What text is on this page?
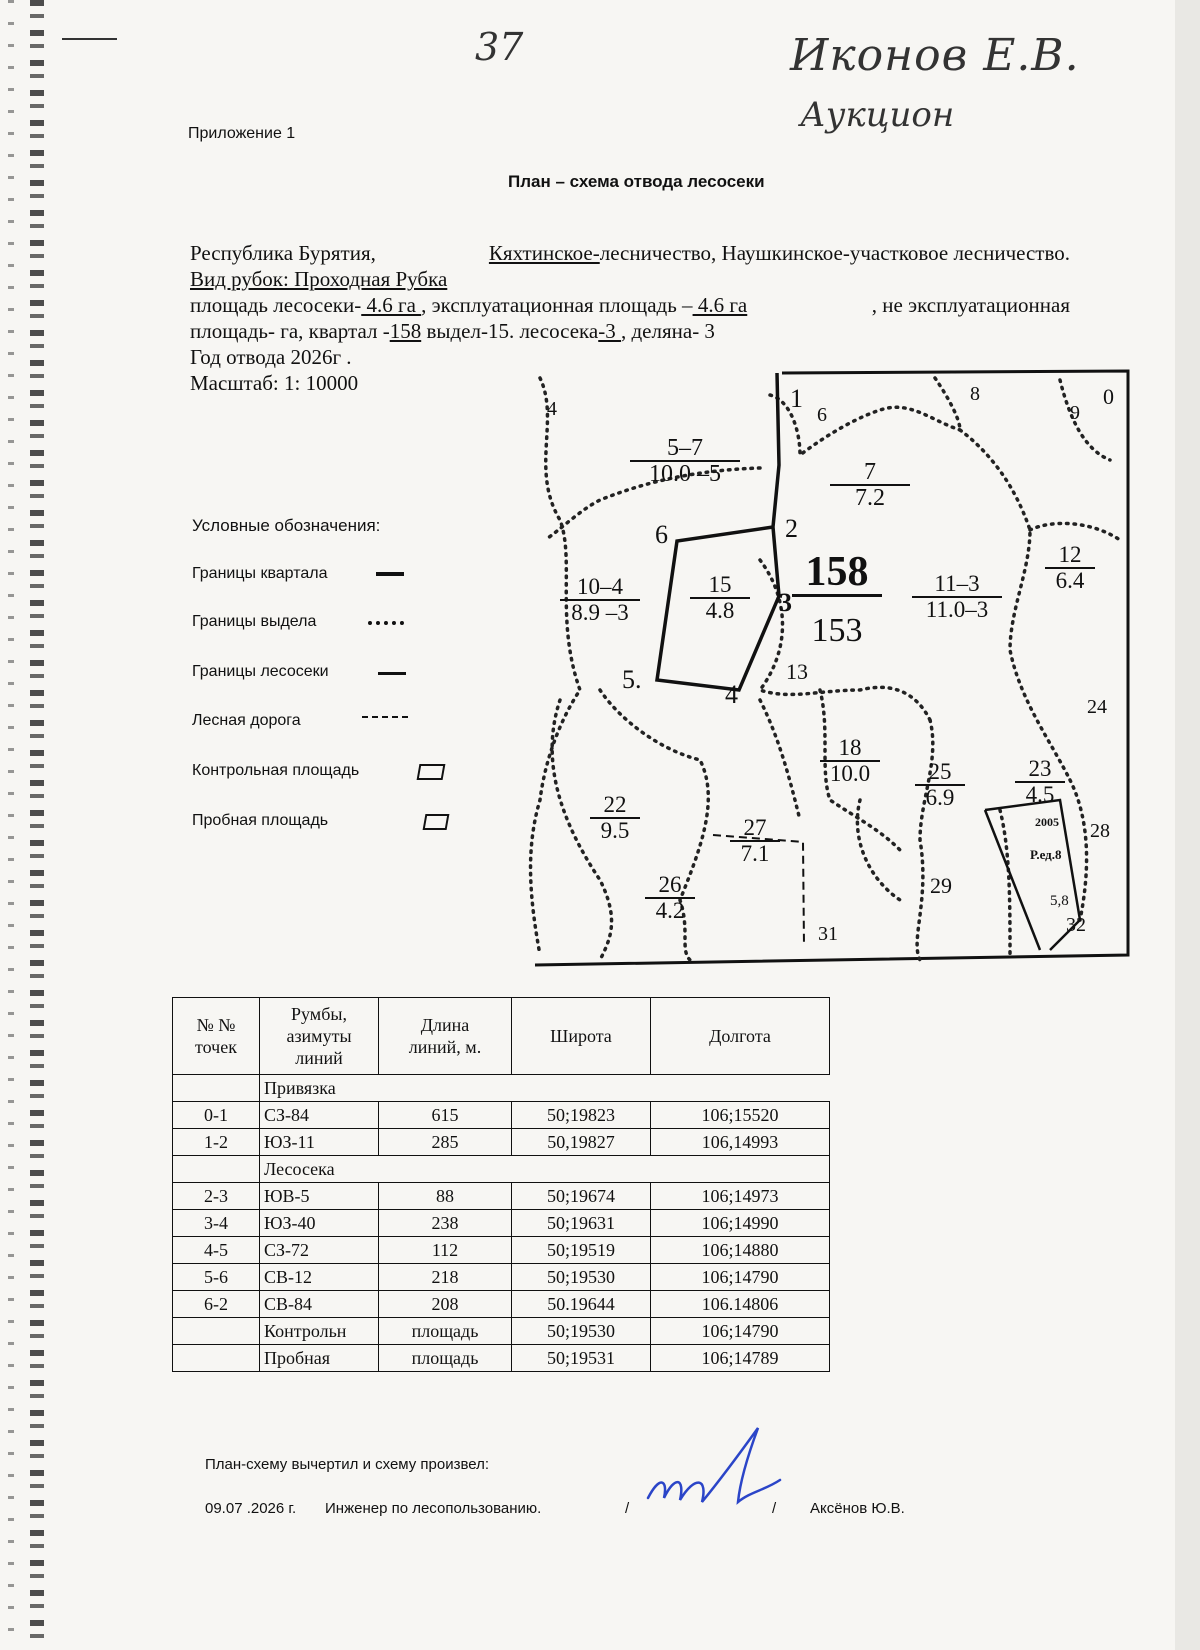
37	Иконов Е.В.
Аукцион
Приложение 1
План – схема отвода лесосеки
Республика Бурятия,	Кяхтинское-лесничество, Наушкинское-участковое лесничество.
Вид рубок: Проходная Рубка
площадь лесосеки- 4.6 га , эксплуатационная площадь – 4.6 га	, не эксплуатационная
площадь- га, квартал -158 выдел-15. лесосека-3 , деляна- 3
Год отвода 2026г .
Масштаб: 1: 10000
Условные обозначения:
Границы квартала
Границы выдела
Границы лесосеки
Лесная дорога
Контрольная площадь
Пробная площадь
1	0
2
3
4
5.
6
158
153
5–7
10.0 –5	7
7.2
10–4
8.9 –3
15
4.8
11–3
11.0–3
12
6.4
18
10.0	25
6.9
23
4.5
22
9.5	27
7.1
26
4.2
4	6
8
9
13
24
28
29
31	32
5,8
2005
Р.ед.8
№ №
точек	Румбы,
азимуты
линий	Длина
линий, м.	Широта	Долгота
	Привязка			
0-1	СЗ-84	615	50;19823	106;15520
1-2	ЮЗ-11	285	50,19827	106,14993
	Лесосека			
2-3	ЮВ-5	88	50;19674	106;14973
3-4	ЮЗ-40	238	50;19631	106;14990
4-5	СЗ-72	112	50;19519	106;14880
5-6	СВ-12	218	50;19530	106;14790
6-2	СВ-84	208	50.19644	106.14806
	Контрольн	площадь	50;19530	106;14790
	Пробная	площадь	50;19531	106;14789
План-схему вычертил и схему произвел:
09.07 .2026 г. Инженер по лесопользованию.	/	/ Аксёнов Ю.В.
